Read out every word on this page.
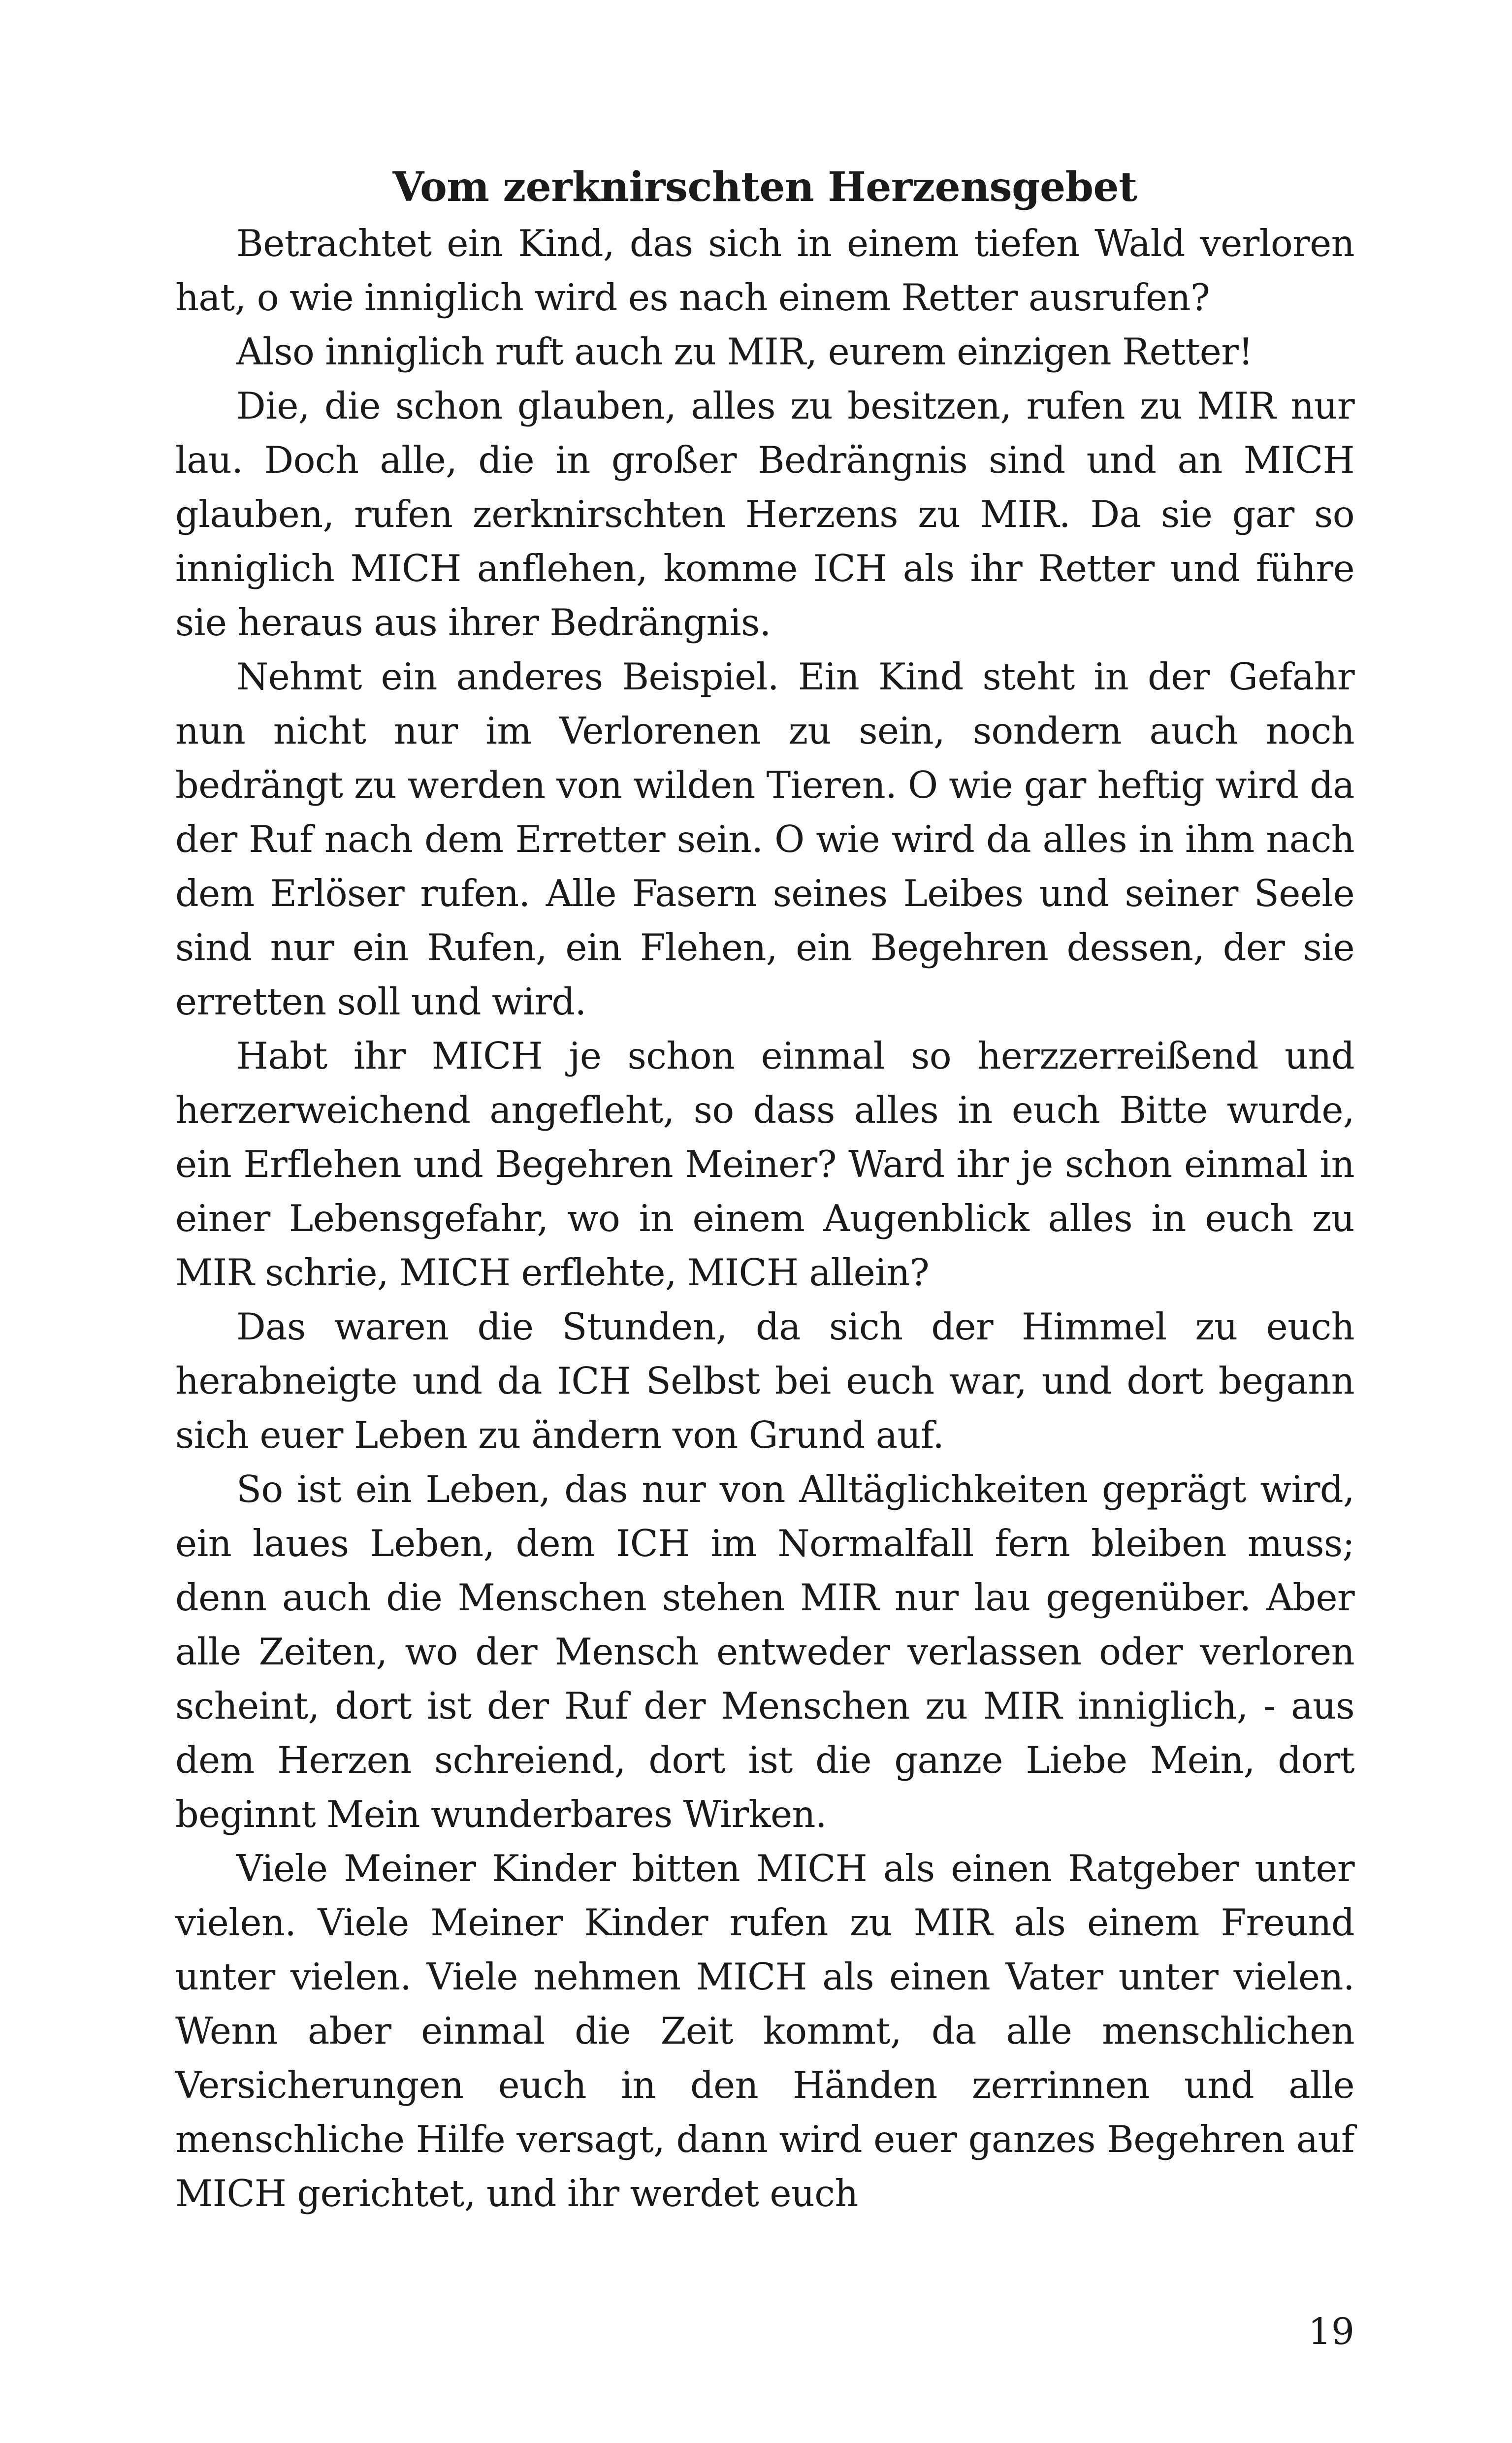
Vom zerknirschten Herzensgebet

Betrachtet ein Kind, das sich in einem tiefen Wald verloren hat, o wie inniglich wird es nach einem Retter ausrufen?

Also inniglich ruft auch zu MIR, eurem einzigen Retter!

Die, die schon glauben, alles zu besitzen, rufen zu MIR nur lau. Doch alle, die in großer Bedrängnis sind und an MICH glauben, rufen zerknirschten Herzens zu MIR. Da sie gar so inniglich MICH anflehen, komme ICH als ihr Retter und führe sie heraus aus ihrer Bedrängnis.

Nehmt ein anderes Beispiel. Ein Kind steht in der Gefahr nun nicht nur im Verlorenen zu sein, sondern auch noch bedrängt zu werden von wilden Tieren. O wie gar heftig wird da der Ruf nach dem Erretter sein. O wie wird da alles in ihm nach dem Erlöser rufen. Alle Fasern seines Leibes und seiner Seele sind nur ein Rufen, ein Flehen, ein Begehren dessen, der sie erretten soll und wird.

Habt ihr MICH je schon einmal so herzzerreißend und herzerweichend angefleht, so dass alles in euch Bitte wurde, ein Erflehen und Begehren Meiner? Ward ihr je schon einmal in einer Lebensgefahr, wo in einem Augenblick alles in euch zu MIR schrie, MICH erflehte, MICH allein?

Das waren die Stunden, da sich der Himmel zu euch herabneigte und da ICH Selbst bei euch war, und dort begann sich euer Leben zu ändern von Grund auf.

So ist ein Leben, das nur von Alltäglichkeiten geprägt wird, ein laues Leben, dem ICH im Normalfall fern bleiben muss; denn auch die Menschen stehen MIR nur lau gegenüber. Aber alle Zeiten, wo der Mensch entweder verlassen oder verloren scheint, dort ist der Ruf der Menschen zu MIR inniglich, - aus dem Herzen schreiend, dort ist die ganze Liebe Mein, dort beginnt Mein wunderbares Wirken.

Viele Meiner Kinder bitten MICH als einen Ratgeber unter vielen. Viele Meiner Kinder rufen zu MIR als einem Freund unter vielen. Viele nehmen MICH als einen Vater unter vielen. Wenn aber einmal die Zeit kommt, da alle menschlichen Versicherungen euch in den Händen zerrinnen und alle menschliche Hilfe versagt, dann wird euer ganzes Begehren auf MICH gerichtet, und ihr werdet euch

19
